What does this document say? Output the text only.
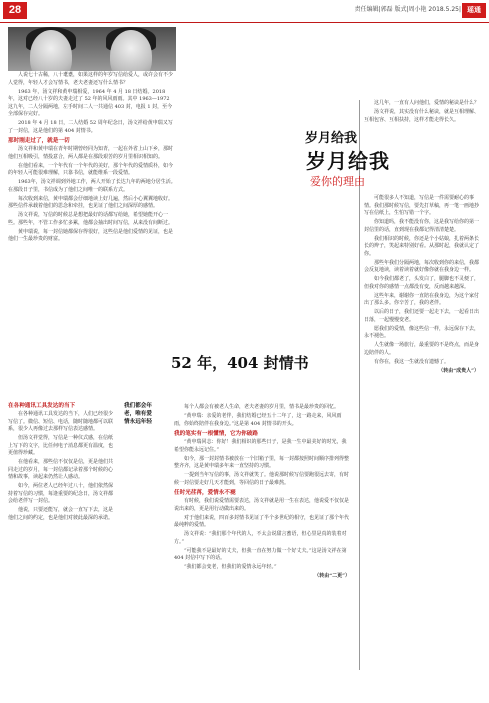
28	责任编辑|郭磊 版式|周小艳 2018.5.25| 瑶通

人说七十古稀，八十耄耋，如果这样的年岁写信给爱人，或许会有不少人觉得，年轻人才会写情书，老夫老妻还写什么情书？

1963 年，汤文祥和黄申瑞相爱，1964 年 4 月 18 日结婚。2018 年，这对已经八十岁的夫妻走过了 52 年的风风雨雨。其中 1963—1972 这九年，二人分隔两地，左手时间二人一共通信 403 封，电报 1 封，至今全部保存完好。

2018 年 4 月 18 日，二人结婚 52 周年纪念日，汤文祥给黄申瑞又写了一封信，这是他们的第 404 封情书。

那时刚走过了，就是一切

汤文祥和黄申瑞在青年时期曾经同为知青，一起在外省上山下乡，那时他们互相吸引，情投意合，两人都是在那段艰苦的岁月里相识相知的。

在他们看来，一个年代有一个年代的美好，那个年代的爱情质朴，如今的年轻人可能很难理解，只靠书信，就能维系一段爱情。

1963年，汤文祥调到外地工作，两人开始了长达九年的两地分居生活。在那段日子里，书信成为了他们之间唯一的联系方式。

每次收到来信，黄申瑞都会仔细地读上好几遍，然后小心翼翼地收好。那些信件承载着他们的思念和牵挂，也见证了他们之间深厚的感情。

汤文祥说，写信的时候总是想把最好的话都写给她，希望她能开心一些。那些年，不管工作多忙多累，他都会抽出时间写信，从来没有间断过。

黄申瑞说，每一封信她都保存得很好，这些信是他们爱情的见证，也是他们一生最珍贵的财富。

52 年，404 封情书
我们都会年老，唯有爱情永远年轻
在各种通讯工具发达的当下

在各种通讯工具发达的当下，人们已经很少写信了。微信、短信、电话，随时随地都可以联系，很少人再像过去那样写信表达感情。

但汤文祥觉得，写信是一种仪式感，在信纸上写下的文字，比任何电子消息都更有温度，也更值得珍藏。

在他看来，那些信不仅仅是信，更是他们共同走过的岁月，每一封信都记录着那个时候的心情和故事，读起来仍然让人感动。

如今，两位老人已经年过八十，他们依然保持着写信的习惯，每逢重要的纪念日，汤文祥都会给老伴写一封信。

他说，只要还能写，就会一直写下去，这是他们之间的约定，也是他们对彼此最深的承诺。

每个人都会有被老人生命，老夫老妻的岁月里，情书是最珍贵的回忆。

“黄申瑞：亲爱的老伴，我们结婚已经五十二年了，这一路走来，风风雨雨，你始终陪伴在我身边。”这是第 404 封情书的开头。

我的笔实有一根懂情，它为你破路

“黄申瑞同志：你好！我们相识的那些日子，是我一生中最美好的时光，我希望你能永远记住。”

如今，那一封封情书被放在一个旧箱子里，每一封都按照时间顺序排列得整整齐齐，这是黄申瑞多年来一直坚持的习惯。

一提到当年写信的事，汤文祥就笑了。他说那时候写信要跑很远去寄，有时候一封信要走好几天才能到，等回信的日子最难熬。

任时光荏苒，爱情永不褪

有时候，我们说爱情需要表达，汤文祥就是用一生在表达，他说爱不仅仅是说出来的，更是用行动做出来的。

对于他们来说，四百多封情书见证了半个多世纪的相守，也见证了那个年代最纯粹的爱情。

汤文祥说：“我们那个年代的人，不太会说甜言蜜语，但心里是真的装着对方。”

“可能我不是最好的丈夫，但我一直在努力做一个好丈夫。”这是汤文祥在第 404 封信中写下的话。

“我们都会变老，但我们的爱情永远年轻。”

（转由“二更”）

这几年，一直有人问他们，爱情的秘诀是什么？

汤文祥说，其实没有什么秘诀，就是互相理解、互相包容、互相扶持，这样才能走得长久。

岁月给我
岁月给我
爱你的理由

可能很多人不知道，写信是一件需要耐心的事情。我们那时候写信，要先打草稿，再一笔一画地抄写在信纸上，生怕写错一个字。

你知道吗，我不能没有你，这是我写给你的第一封信里的话，直到现在我都记得清清楚楚。

我们相识的时候，你还是个小姑娘，扎着两条长长的辫子，笑起来特别好看。从那时起，我就认定了你。

那些年我们分隔两地，每次收到你的来信，我都会反复地读，读着读着就好像你就在我身边一样。

如今我们都老了，头发白了，腿脚也不灵便了，但我对你的感情一点都没有变，反而越来越深。

这些年来，谢谢你一直陪在我身边，为这个家付出了那么多。你辛苦了，我的老伴。

以后的日子，我们还要一起走下去，一起看日出日落，一起慢慢变老。

愿我们的爱情，像这些信一样，永远保存下去，永不褪色。

人生就像一场旅行，最重要的不是终点，而是身边陪伴的人。

有你在，我这一生就没有遗憾了。

（转由“成贵人”）
